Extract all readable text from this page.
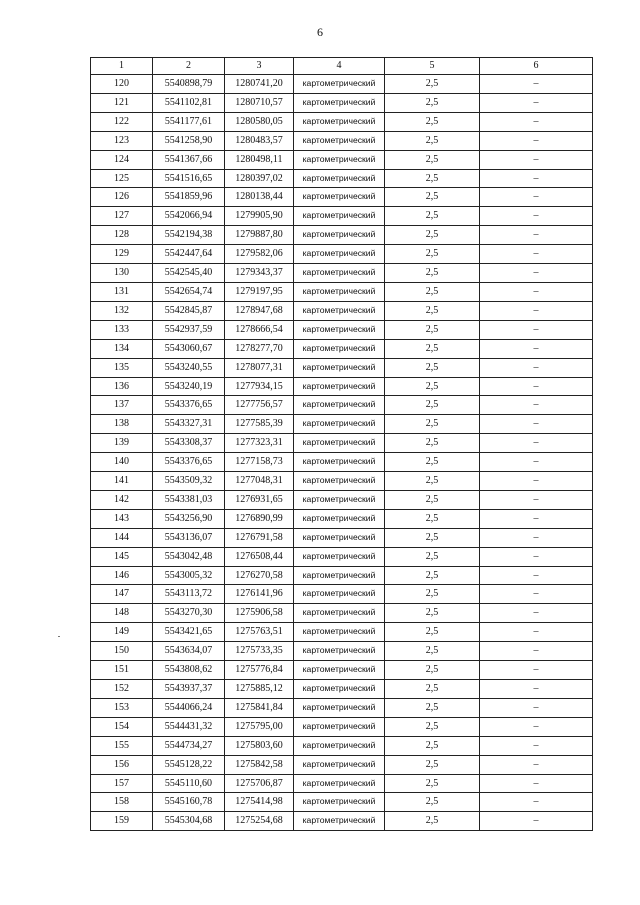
6
1	2	3	4	5	6
120	5540898,79	1280741,20	картометрический	2,5	–
121	5541102,81	1280710,57	картометрический	2,5	–
122	5541177,61	1280580,05	картометрический	2,5	–
123	5541258,90	1280483,57	картометрический	2,5	–
124	5541367,66	1280498,11	картометрический	2,5	–
125	5541516,65	1280397,02	картометрический	2,5	–
126	5541859,96	1280138,44	картометрический	2,5	–
127	5542066,94	1279905,90	картометрический	2,5	–
128	5542194,38	1279887,80	картометрический	2,5	–
129	5542447,64	1279582,06	картометрический	2,5	–
130	5542545,40	1279343,37	картометрический	2,5	–
131	5542654,74	1279197,95	картометрический	2,5	–
132	5542845,87	1278947,68	картометрический	2,5	–
133	5542937,59	1278666,54	картометрический	2,5	–
134	5543060,67	1278277,70	картометрический	2,5	–
135	5543240,55	1278077,31	картометрический	2,5	–
136	5543240,19	1277934,15	картометрический	2,5	–
137	5543376,65	1277756,57	картометрический	2,5	–
138	5543327,31	1277585,39	картометрический	2,5	–
139	5543308,37	1277323,31	картометрический	2,5	–
140	5543376,65	1277158,73	картометрический	2,5	–
141	5543509,32	1277048,31	картометрический	2,5	–
142	5543381,03	1276931,65	картометрический	2,5	–
143	5543256,90	1276890,99	картометрический	2,5	–
144	5543136,07	1276791,58	картометрический	2,5	–
145	5543042,48	1276508,44	картометрический	2,5	–
146	5543005,32	1276270,58	картометрический	2,5	–
147	5543113,72	1276141,96	картометрический	2,5	–
148	5543270,30	1275906,58	картометрический	2,5	–
149	5543421,65	1275763,51	картометрический	2,5	–
150	5543634,07	1275733,35	картометрический	2,5	–
151	5543808,62	1275776,84	картометрический	2,5	–
152	5543937,37	1275885,12	картометрический	2,5	–
153	5544066,24	1275841,84	картометрический	2,5	–
154	5544431,32	1275795,00	картометрический	2,5	–
155	5544734,27	1275803,60	картометрический	2,5	–
156	5545128,22	1275842,58	картометрический	2,5	–
157	5545110,60	1275706,87	картометрический	2,5	–
158	5545160,78	1275414,98	картометрический	2,5	–
159	5545304,68	1275254,68	картометрический	2,5	–
